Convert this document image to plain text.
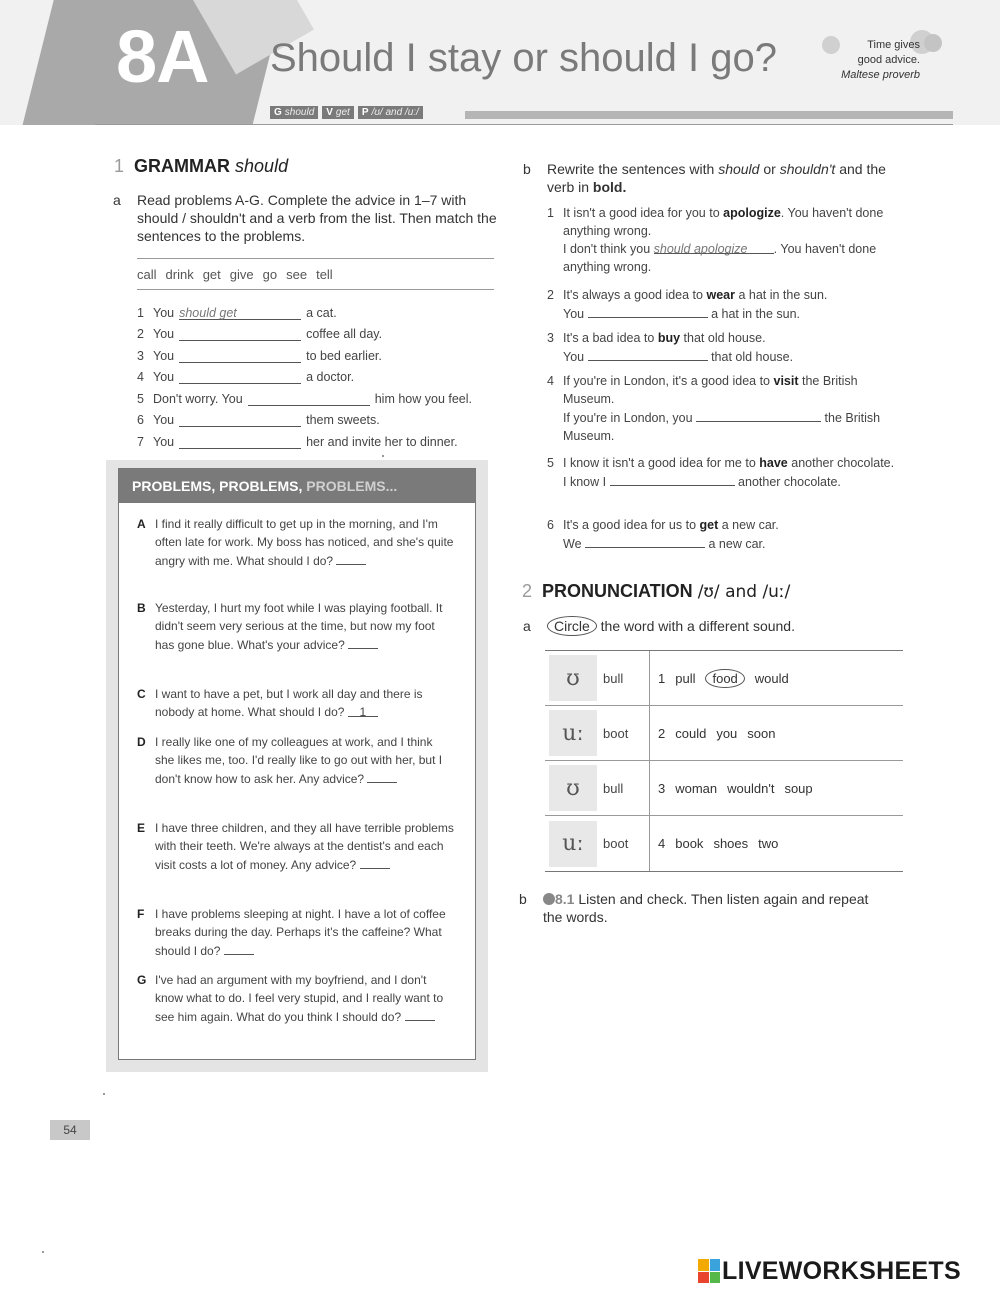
8A Should I stay or should I go?	Time gives
good advice.
Maltese proverb
G should	V get	P /ʊ/ and /uː/
1 GRAMMAR should
a Read problems A-G. Complete the advice in 1–7 with should / shouldn't and a verb from the list. Then match the sentences to the problems.
call drink get give go see tell
1 You should get	a cat.
2 You	coffee all day.
3 You	to bed earlier.
4 You	a doctor.
5 Don't worry. You	him how you feel.
6 You	them sweets.
7 You	her and invite her to dinner.
PROBLEMS, PROBLEMS, PROBLEMS...
A I find it really difficult to get up in the morning, and I'm often late for work. My boss has noticed, and she's quite angry with me. What should I do?
B Yesterday, I hurt my foot while I was playing football. It didn't seem very serious at the time, but now my foot has gone blue. What's your advice?
C I want to have a pet, but I work all day and there is nobody at home. What should I do? 1
D I really like one of my colleagues at work, and I think she likes me, too. I'd really like to go out with her, but I don't know how to ask her. Any advice?
E I have three children, and they all have terrible problems with their teeth. We're always at the dentist's and each visit costs a lot of money. Any advice?
F I have problems sleeping at night. I have a lot of coffee breaks during the day. Perhaps it's the caffeine? What should I do?
G I've had an argument with my boyfriend, and I don't know what to do. I feel very stupid, and I really want to see him again. What do you think I should do?
b Rewrite the sentences with should or shouldn't and the verb in bold.
1 It isn't a good idea for you to apologize. You haven't done anything wrong.
I don't think you should apologize . You haven't done anything wrong.
2 It's always a good idea to wear a hat in the sun.
You	a hat in the sun.
3 It's a bad idea to buy that old house.
You	that old house.
4 If you're in London, it's a good idea to visit the British Museum.
If you're in London, you	the British Museum.
5 I know it isn't a good idea for me to have another chocolate.
I know I	another chocolate.
6 It's a good idea for us to get a new car.
We	a new car.
2 PRONUNCIATION /ʊ/ and /uː/
a Circle the word with a different sound.
ʊ	bull	1 pull	food	would
uː	boot	2 could you soon
ʊ	bull	3 woman wouldn't soup
uː	boot	4 book shoes two
b 8.1 Listen and check. Then listen again and repeat the words.
54
LIVEWORKSHEETS
